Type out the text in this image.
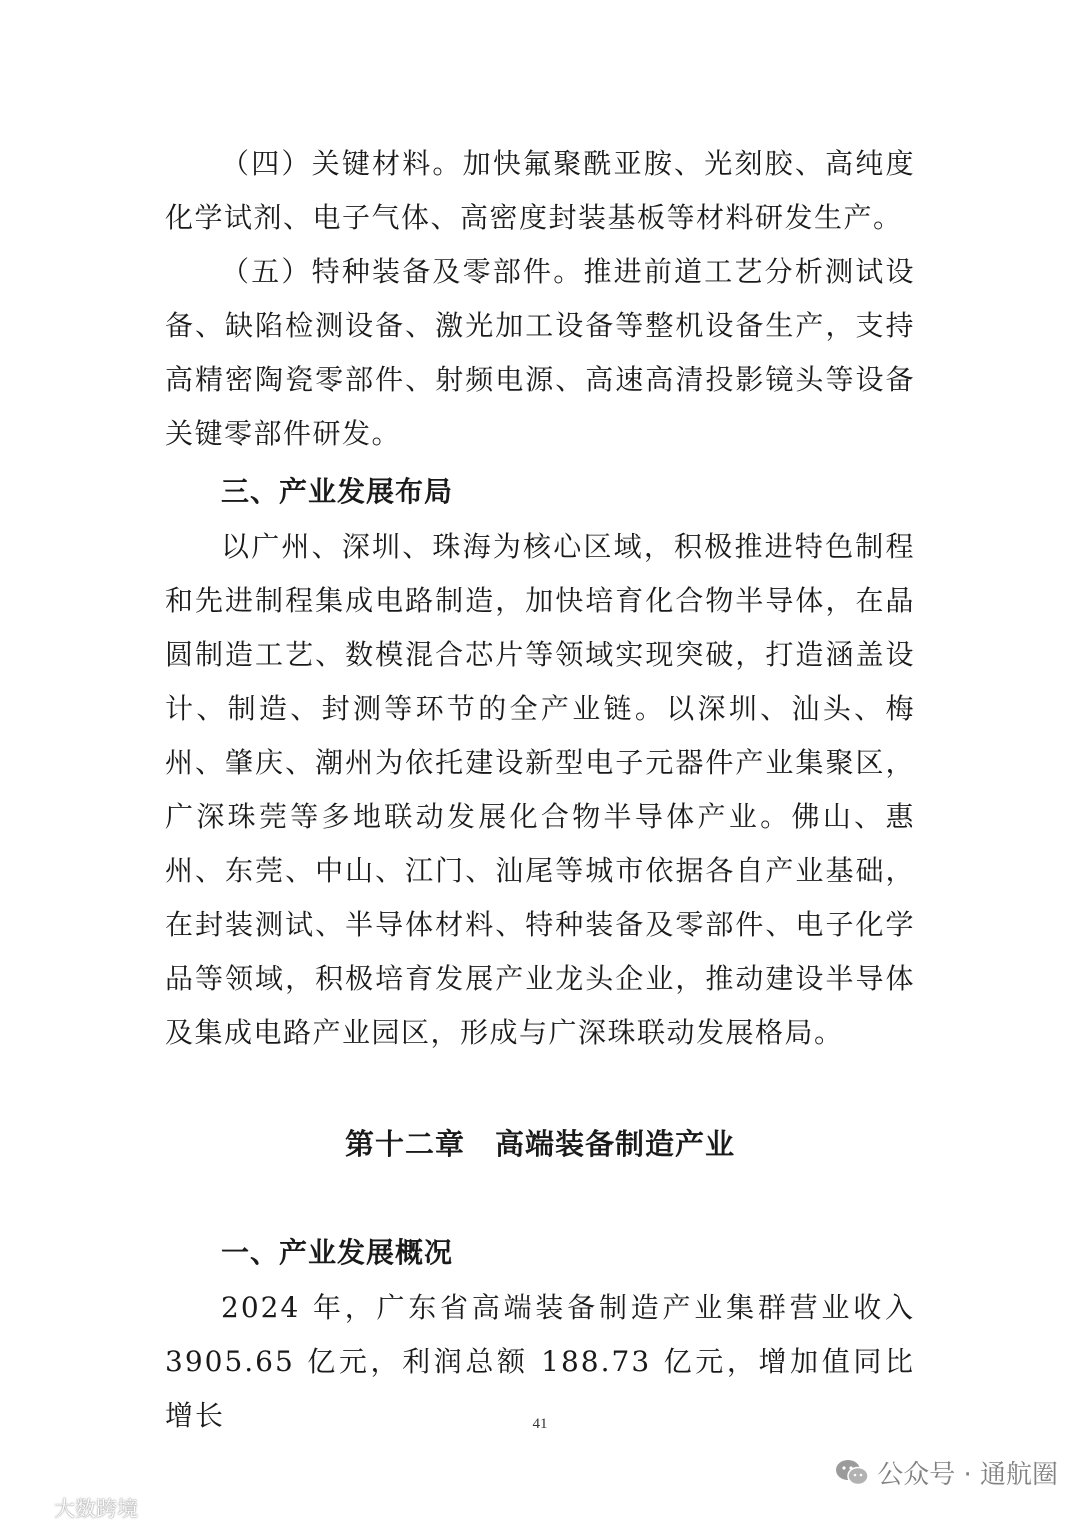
（四）关键材料。加快氟聚酰亚胺、光刻胶、高纯度化学试剂、电子气体、高密度封装基板等材料研发生产。

（五）特种装备及零部件。推进前道工艺分析测试设备、缺陷检测设备、激光加工设备等整机设备生产，支持高精密陶瓷零部件、射频电源、高速高清投影镜头等设备关键零部件研发。

三、产业发展布局

以广州、深圳、珠海为核心区域，积极推进特色制程和先进制程集成电路制造，加快培育化合物半导体，在晶圆制造工艺、数模混合芯片等领域实现突破，打造涵盖设计、制造、封测等环节的全产业链。以深圳、汕头、梅州、肇庆、潮州为依托建设新型电子元器件产业集聚区，广深珠莞等多地联动发展化合物半导体产业。佛山、惠州、东莞、中山、江门、汕尾等城市依据各自产业基础，在封装测试、半导体材料、特种装备及零部件、电子化学品等领域，积极培育发展产业龙头企业，推动建设半导体及集成电路产业园区，形成与广深珠联动发展格局。

第十二章　高端装备制造产业
一、产业发展概况

2024 年，广东省高端装备制造产业集群营业收入 3905.65 亿元，利润总额 188.73 亿元，增加值同比增长	41
大数跨境
公众号 · 通航圈
